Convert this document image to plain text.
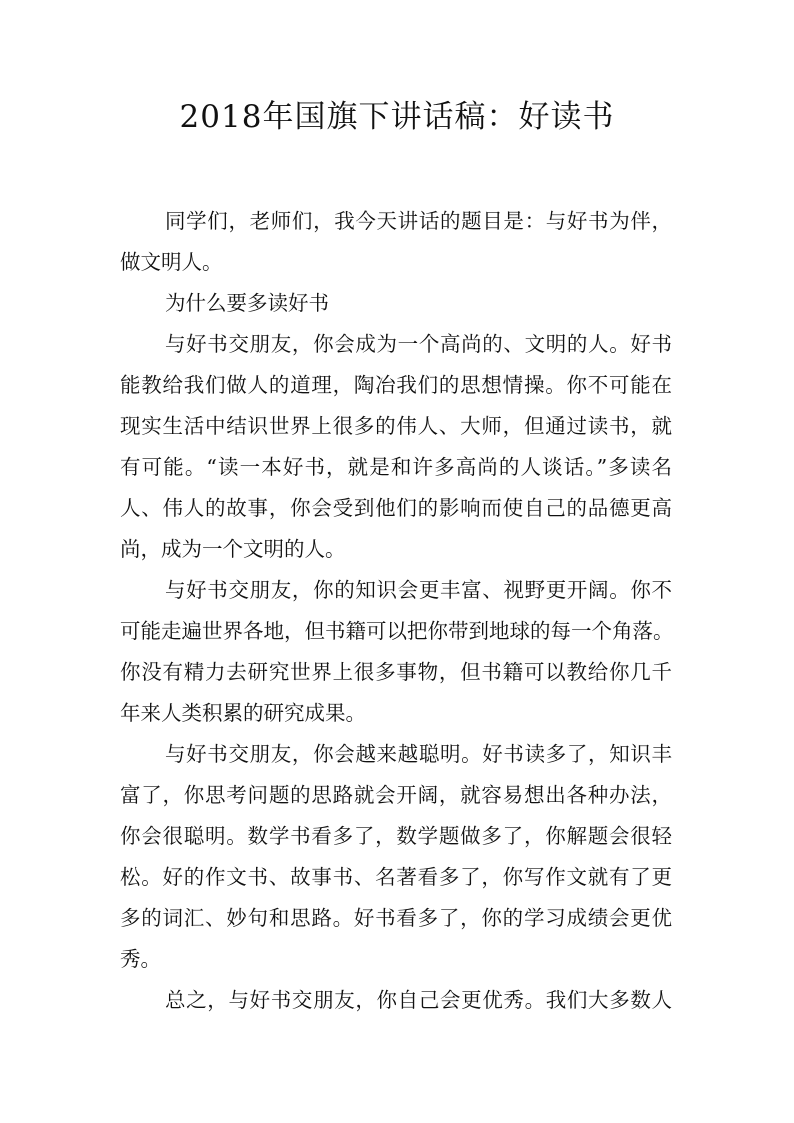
2018年国旗下讲话稿：好读书
同学们，老师们，我今天讲话的题目是：与好书为伴，
做文明人。
为什么要多读好书
与好书交朋友，你会成为一个高尚的、文明的人。好书
能教给我们做人的道理，陶冶我们的思想情操。你不可能在
现实生活中结识世界上很多的伟人、大师，但通过读书，就
有可能。“读一本好书，就是和许多高尚的人谈话。”多读名
人、伟人的故事，你会受到他们的影响而使自己的品德更高
尚，成为一个文明的人。
与好书交朋友，你的知识会更丰富、视野更开阔。你不
可能走遍世界各地，但书籍可以把你带到地球的每一个角落。
你没有精力去研究世界上很多事物，但书籍可以教给你几千
年来人类积累的研究成果。
与好书交朋友，你会越来越聪明。好书读多了，知识丰
富了，你思考问题的思路就会开阔，就容易想出各种办法，
你会很聪明。数学书看多了，数学题做多了，你解题会很轻
松。好的作文书、故事书、名著看多了，你写作文就有了更
多的词汇、妙句和思路。好书看多了，你的学习成绩会更优
秀。
总之，与好书交朋友，你自己会更优秀。我们大多数人
